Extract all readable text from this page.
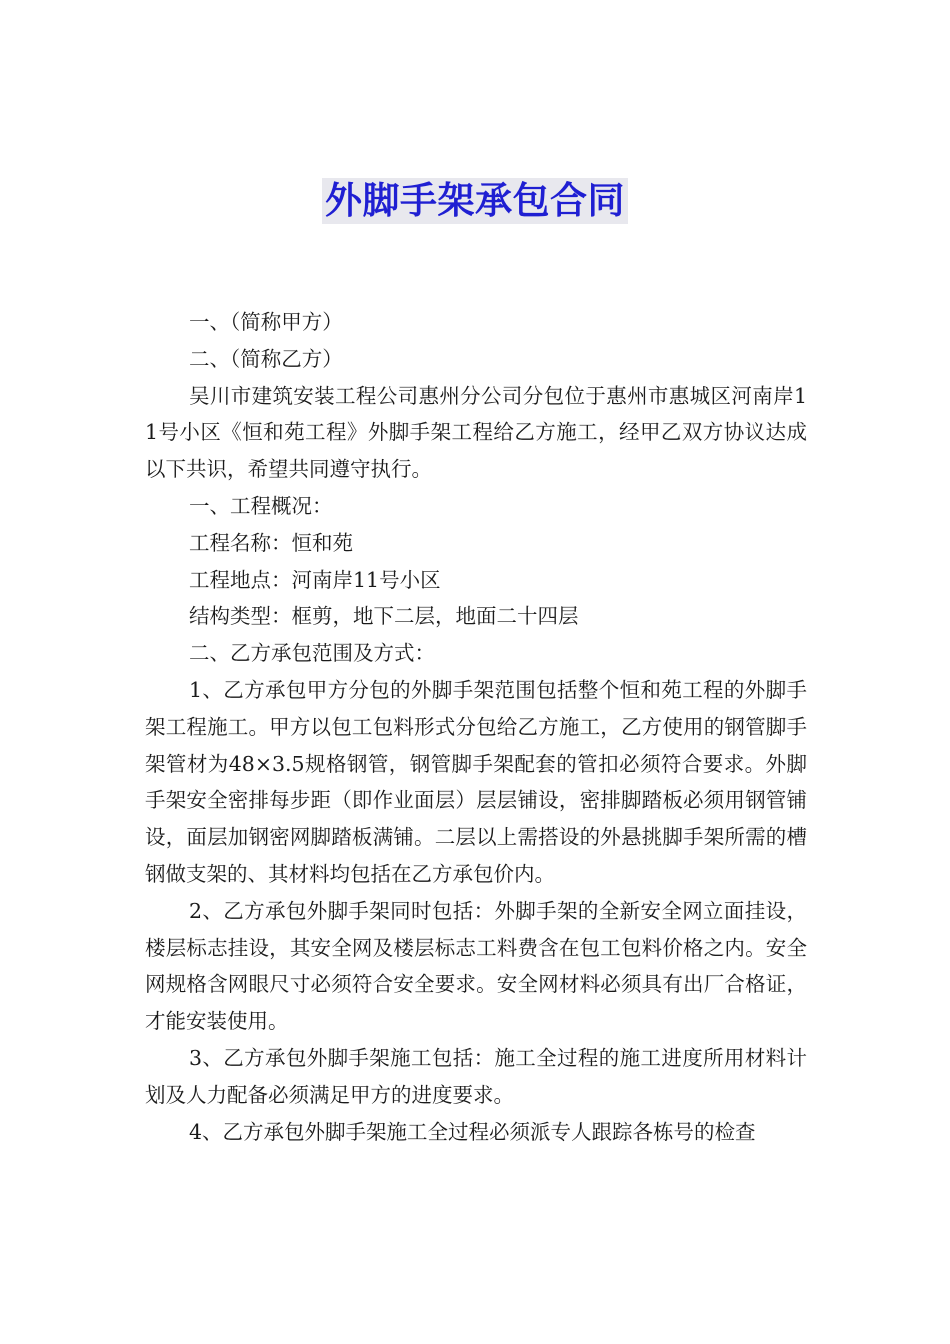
外脚手架承包合同

一、（简称甲方）

二、（简称乙方）

吴川市建筑安装工程公司惠州分公司分包位于惠州市惠城区河南岸11号小区《恒和苑工程》外脚手架工程给乙方施工，经甲乙双方协议达成以下共识，希望共同遵守执行。

一、工程概况：

工程名称：恒和苑

工程地点：河南岸11号小区

结构类型：框剪，地下二层，地面二十四层

二、乙方承包范围及方式：

1、乙方承包甲方分包的外脚手架范围包括整个恒和苑工程的外脚手架工程施工。甲方以包工包料形式分包给乙方施工，乙方使用的钢管脚手架管材为48×3.5规格钢管，钢管脚手架配套的管扣必须符合要求。外脚手架安全密排每步距（即作业面层）层层铺设，密排脚踏板必须用钢管铺设，面层加钢密网脚踏板满铺。二层以上需搭设的外悬挑脚手架所需的槽钢做支架的、其材料均包括在乙方承包价内。

2、乙方承包外脚手架同时包括：外脚手架的全新安全网立面挂设，楼层标志挂设，其安全网及楼层标志工料费含在包工包料价格之内。安全网规格含网眼尺寸必须符合安全要求。安全网材料必须具有出厂合格证，才能安装使用。

3、乙方承包外脚手架施工包括：施工全过程的施工进度所用材料计划及人力配备必须满足甲方的进度要求。

4、乙方承包外脚手架施工全过程必须派专人跟踪各栋号的检查
